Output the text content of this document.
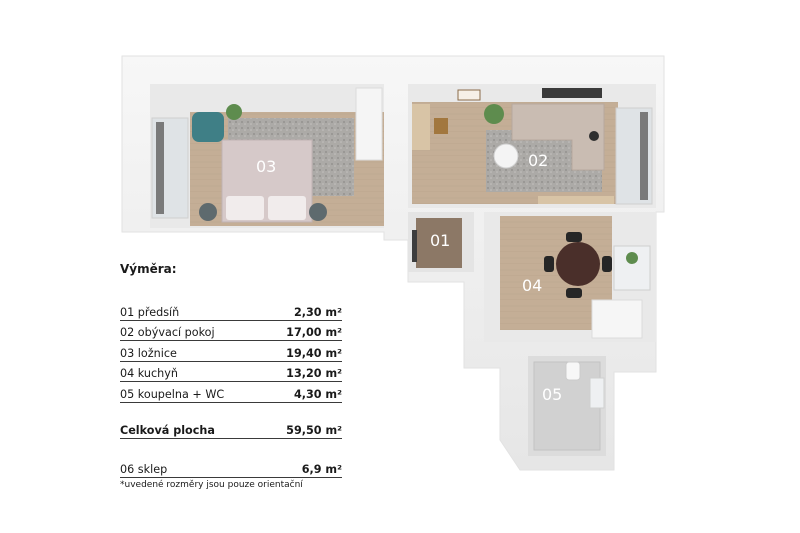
03	02
01
04
05
Výměra:
01 předsíň	2,30 m²
02 obývací pokoj	17,00 m²
03 ložnice	19,40 m²
04 kuchyň	13,20 m²
05 koupelna + WC	4,30 m²
Celková plocha	59,50 m²
06 sklep	6,9 m²
*uvedené rozměry jsou pouze orientační
